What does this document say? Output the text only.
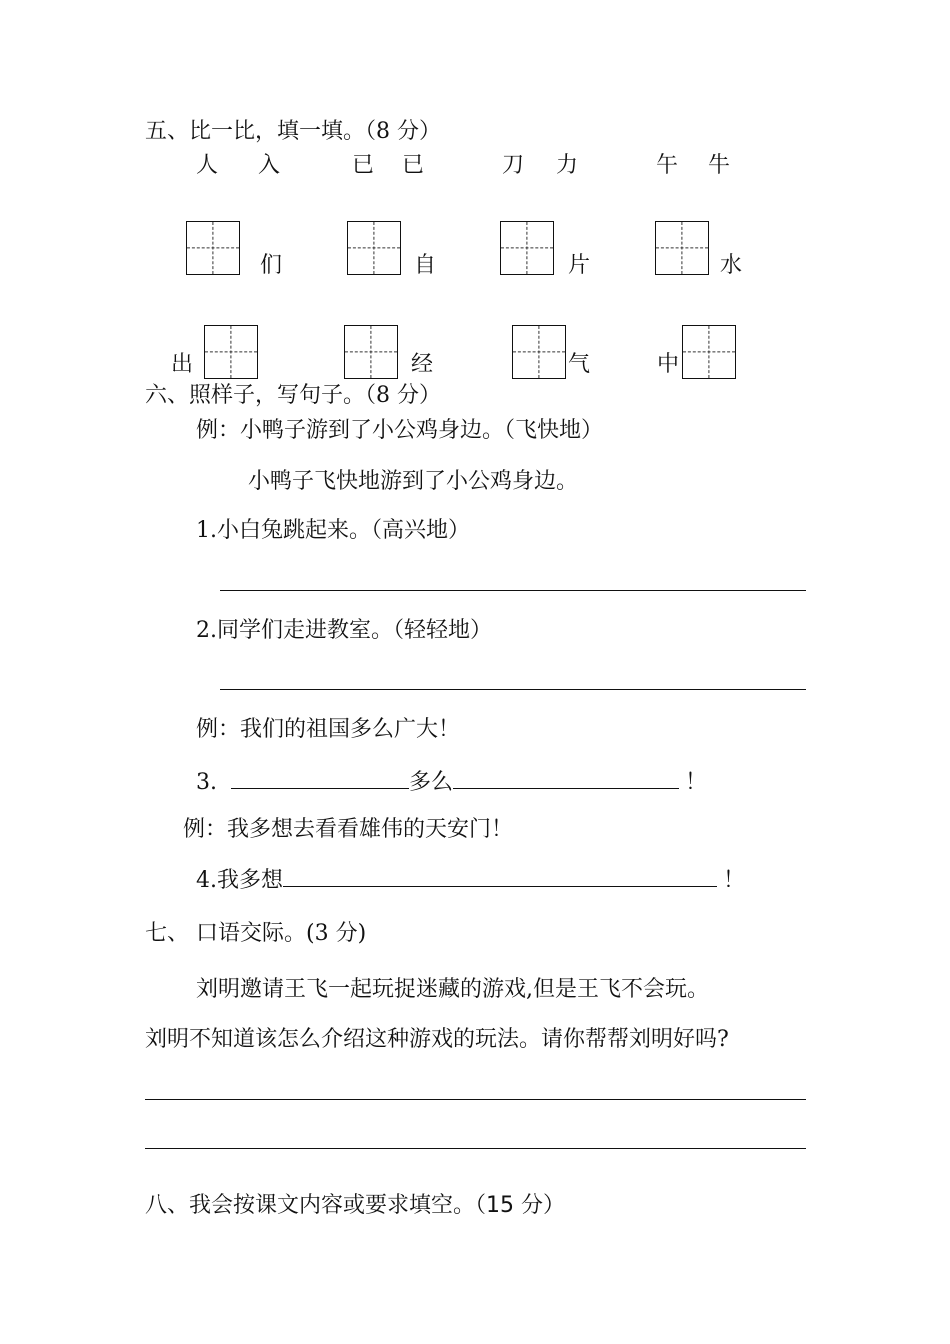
五、比一比，填一填。（8 分）
人 入	已 已	刀 力	午 牛
们	自	片	水
出	经	气	中
六、照样子，写句子。（8 分）
例：小鸭子游到了小公鸡身边。（飞快地）
小鸭子飞快地游到了小公鸡身边。
1.小白兔跳起来。（高兴地）
2.同学们走进教室。（轻轻地）
例：我们的祖国多么广大！
3.	多么	！
例：我多想去看看雄伟的天安门！
4.我多想	！
七、 口语交际。(3 分)
刘明邀请王飞一起玩捉迷藏的游戏,但是王飞不会玩。
刘明不知道该怎么介绍这种游戏的玩法。请你帮帮刘明好吗?
八、我会按课文内容或要求填空。（15 分）
